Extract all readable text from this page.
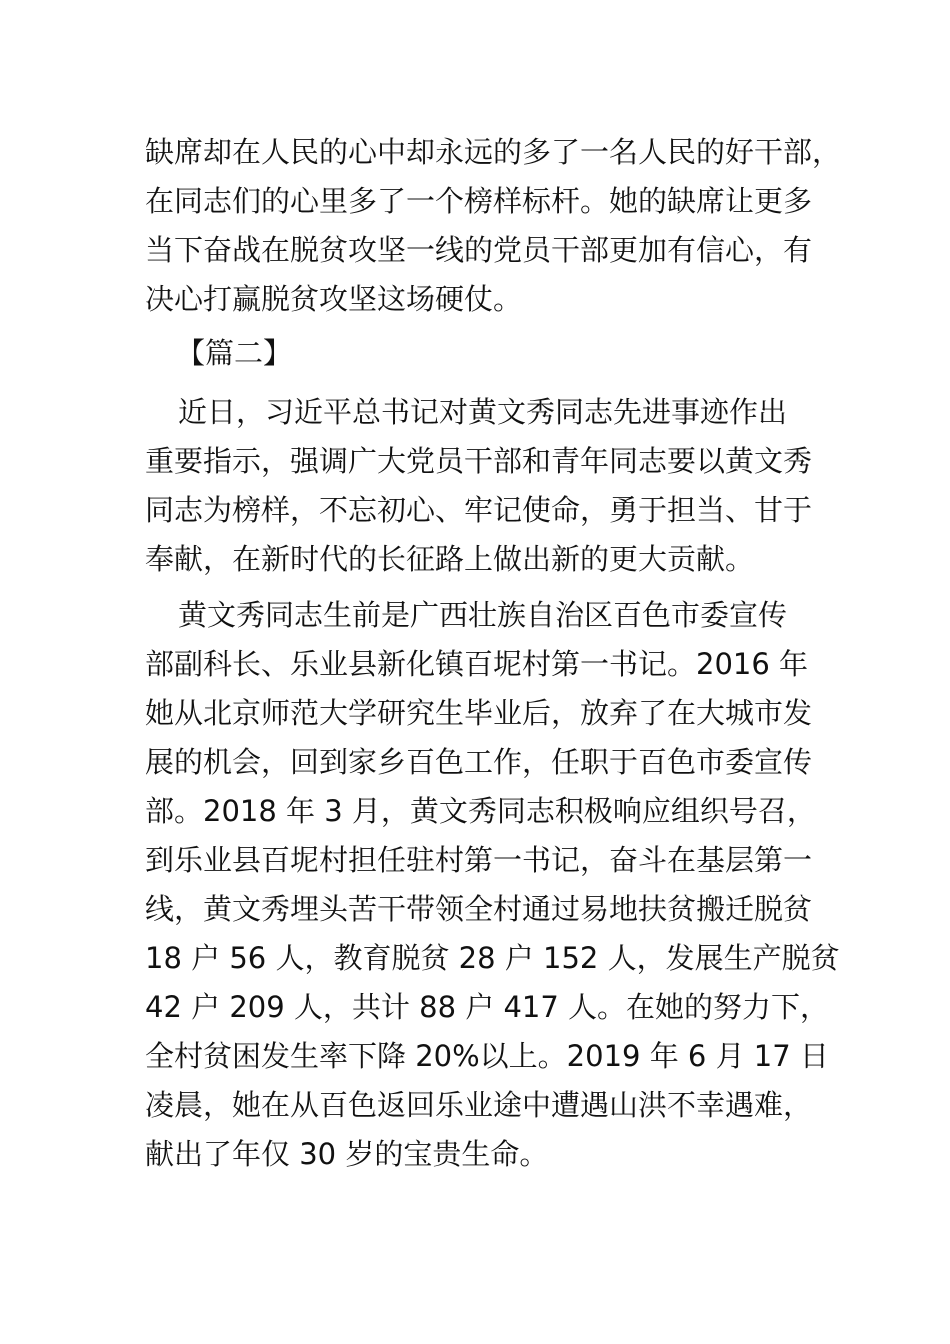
缺席却在人民的心中却永远的多了一名人民的好干部，
在同志们的心里多了一个榜样标杆。她的缺席让更多
当下奋战在脱贫攻坚一线的党员干部更加有信心，有
决心打赢脱贫攻坚这场硬仗。
【篇二】
近日，习近平总书记对黄文秀同志先进事迹作出
重要指示，强调广大党员干部和青年同志要以黄文秀
同志为榜样，不忘初心、牢记使命，勇于担当、甘于
奉献，在新时代的长征路上做出新的更大贡献。
黄文秀同志生前是广西壮族自治区百色市委宣传
部副科长、乐业县新化镇百坭村第一书记。2016 年
她从北京师范大学研究生毕业后，放弃了在大城市发
展的机会，回到家乡百色工作，任职于百色市委宣传
部。2018 年 3 月，黄文秀同志积极响应组织号召，
到乐业县百坭村担任驻村第一书记，奋斗在基层第一
线，黄文秀埋头苦干带领全村通过易地扶贫搬迁脱贫
18 户 56 人，教育脱贫 28 户 152 人，发展生产脱贫
42 户 209 人，共计 88 户 417 人。在她的努力下，
全村贫困发生率下降 20%以上。2019 年 6 月 17 日
凌晨，她在从百色返回乐业途中遭遇山洪不幸遇难，
献出了年仅 30 岁的宝贵生命。
